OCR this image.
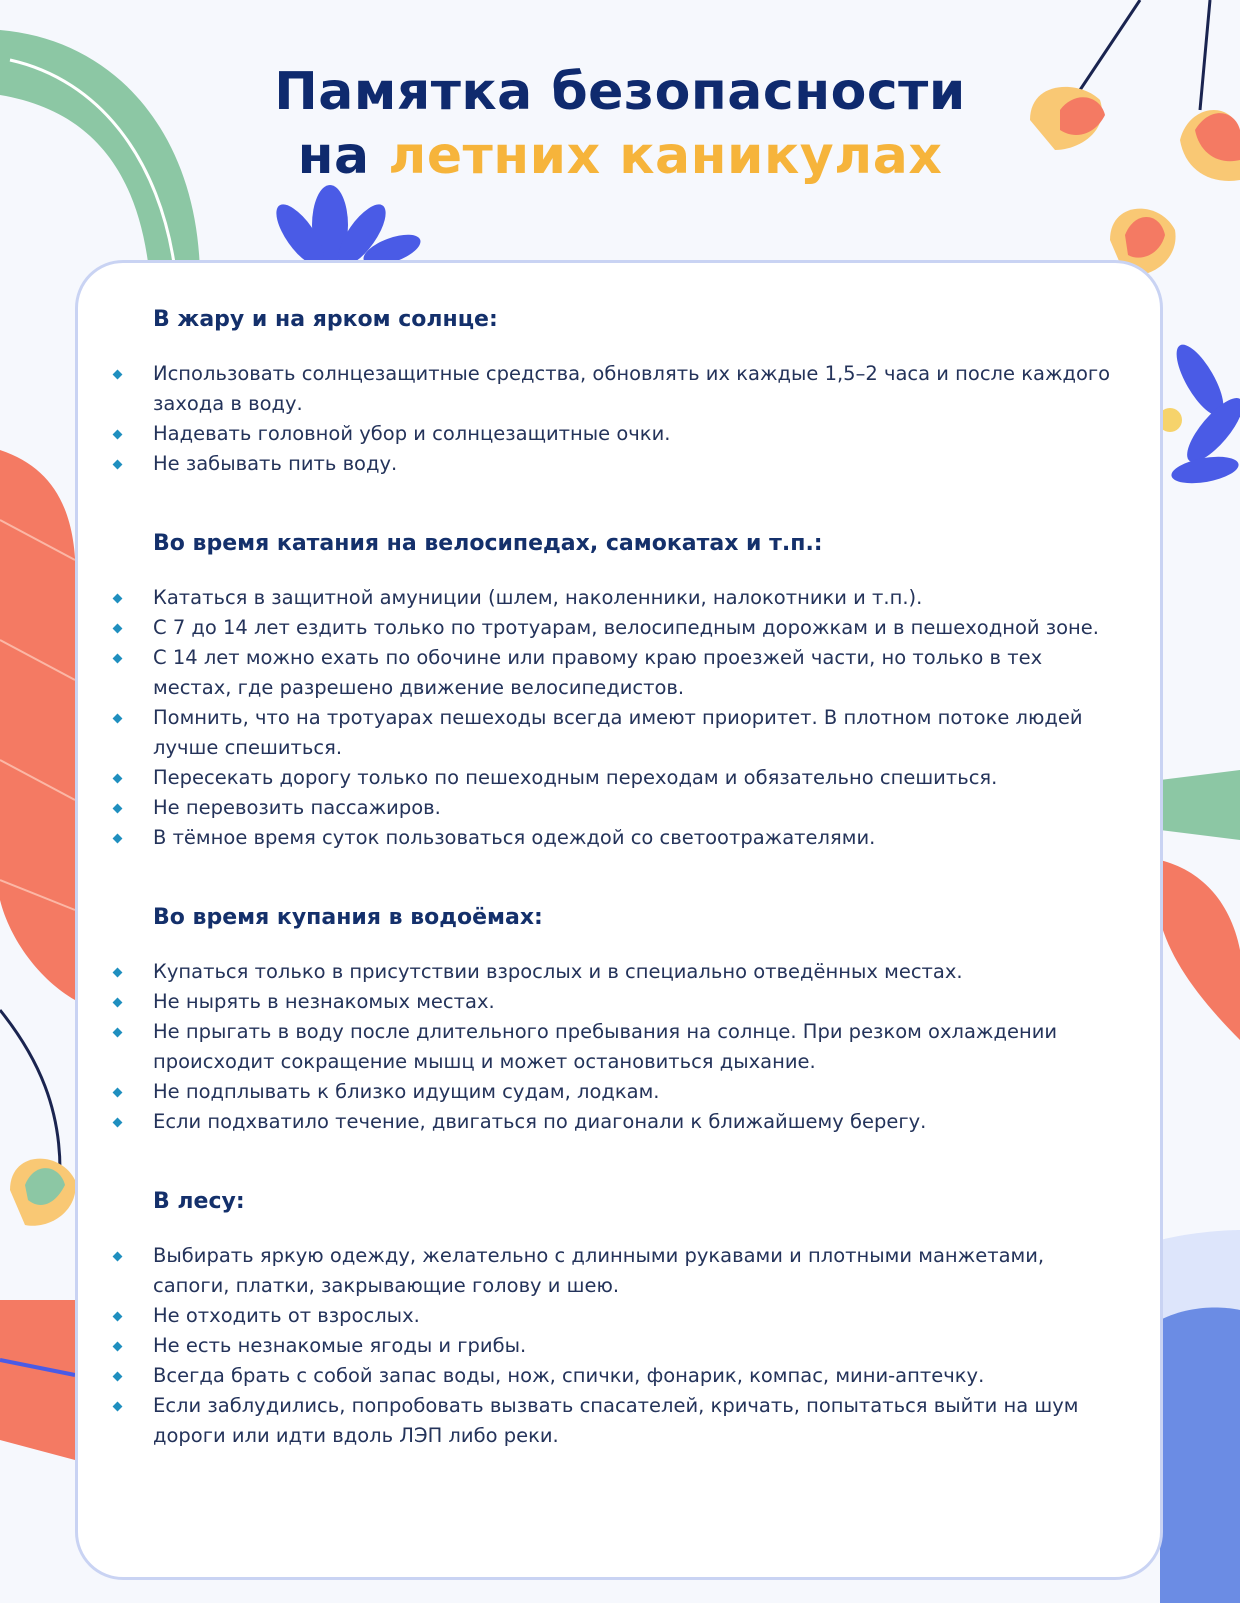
Памятка безопасности
на летних каникулах
В жару и на ярком солнце:
Использовать солнцезащитные средства, обновлять их каждые 1,5–2 часа и после каждого захода в воду.
Надевать головной убор и солнцезащитные очки.
Не забывать пить воду.
Во время катания на велосипедах, самокатах и т.п.:
Кататься в защитной амуниции (шлем, наколенники, налокотники и т.п.).
С 7 до 14 лет ездить только по тротуарам, велосипедным дорожкам и в пешеходной зоне.
С 14 лет можно ехать по обочине или правому краю проезжей части, но только в тех местах, где разрешено движение велосипедистов.
Помнить, что на тротуарах пешеходы всегда имеют приоритет. В плотном потоке людей лучше спешиться.
Пересекать дорогу только по пешеходным переходам и обязательно спешиться.
Не перевозить пассажиров.
В тёмное время суток пользоваться одеждой со светоотражателями.
Во время купания в водоёмах:
Купаться только в присутствии взрослых и в специально отведённых местах.
Не нырять в незнакомых местах.
Не прыгать в воду после длительного пребывания на солнце. При резком охлаждении происходит сокращение мышц и может остановиться дыхание.
Не подплывать к близко идущим судам, лодкам.
Если подхватило течение, двигаться по диагонали к ближайшему берегу.
В лесу:
Выбирать яркую одежду, желательно с длинными рукавами и плотными манжетами, сапоги, платки, закрывающие голову и шею.
Не отходить от взрослых.
Не есть незнакомые ягоды и грибы.
Всегда брать с собой запас воды, нож, спички, фонарик, компас, мини-аптечку.
Если заблудились, попробовать вызвать спасателей, кричать, попытаться выйти на шум дороги или идти вдоль ЛЭП либо реки.
